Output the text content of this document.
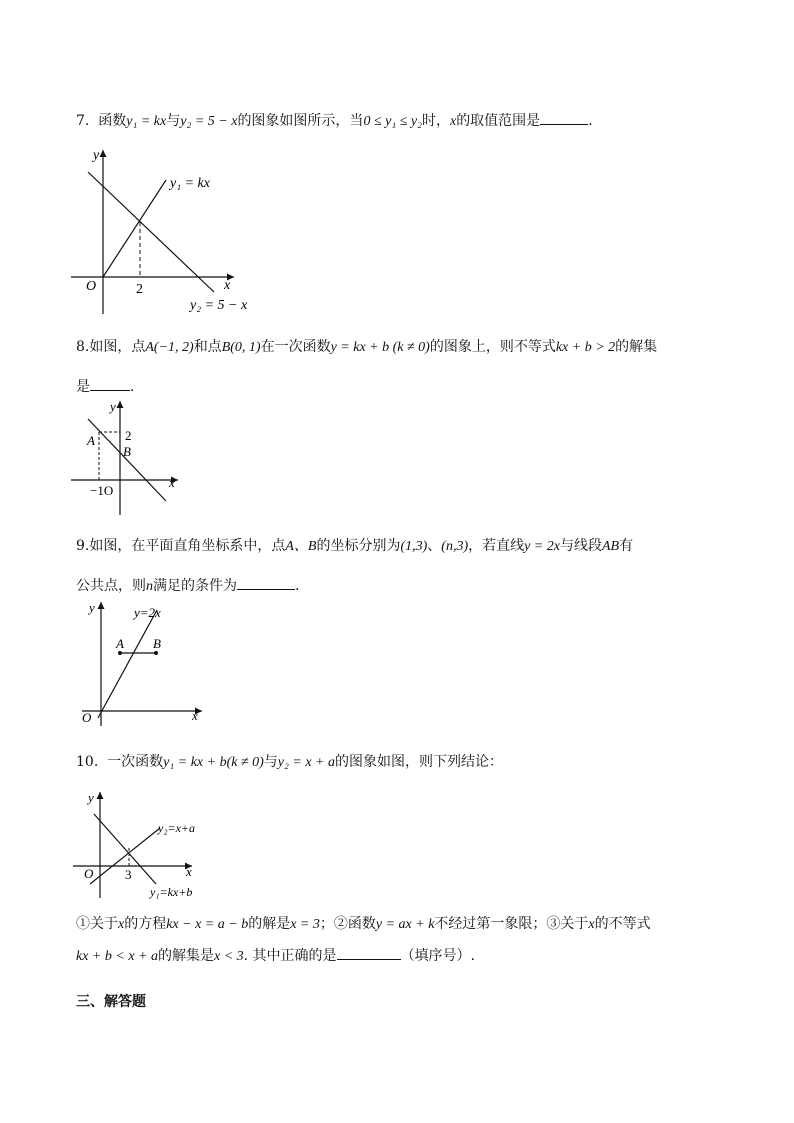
7. 函数y₁ = kx与y₂ = 5 − x的图象如图所示，当0 ≤ y₁ ≤ y₂时，x的取值范围是	.
y
x
O	2
y₁ = kx
y₂ = 5 − x
8.如图，点A(−1, 2)和点B(0, 1)在一次函数y = kx + b (k ≠ 0)的图象上，则不等式kx + b > 2的解集
是	.
y
x
A
B
2
−1O
9.如图，在平面直角坐标系中，点A、B的坐标分别为(1,3)、(n,3)，若直线y = 2x与线段AB有
公共点，则n满足的条件为	.
y
x
O
y=2x
A B
10. 一次函数y₁ = kx + b(k ≠ 0)与y₂ = x + a的图象如图，则下列结论：
y
x
O 3
y₂=x+a
y₁=kx+b
①关于x的方程kx − x = a − b的解是x = 3；②函数y = ax + k不经过第一象限；③关于x的不等式
kx + b < x + a的解集是x < 3. 其中正确的是	（填序号）.
三、解答题
